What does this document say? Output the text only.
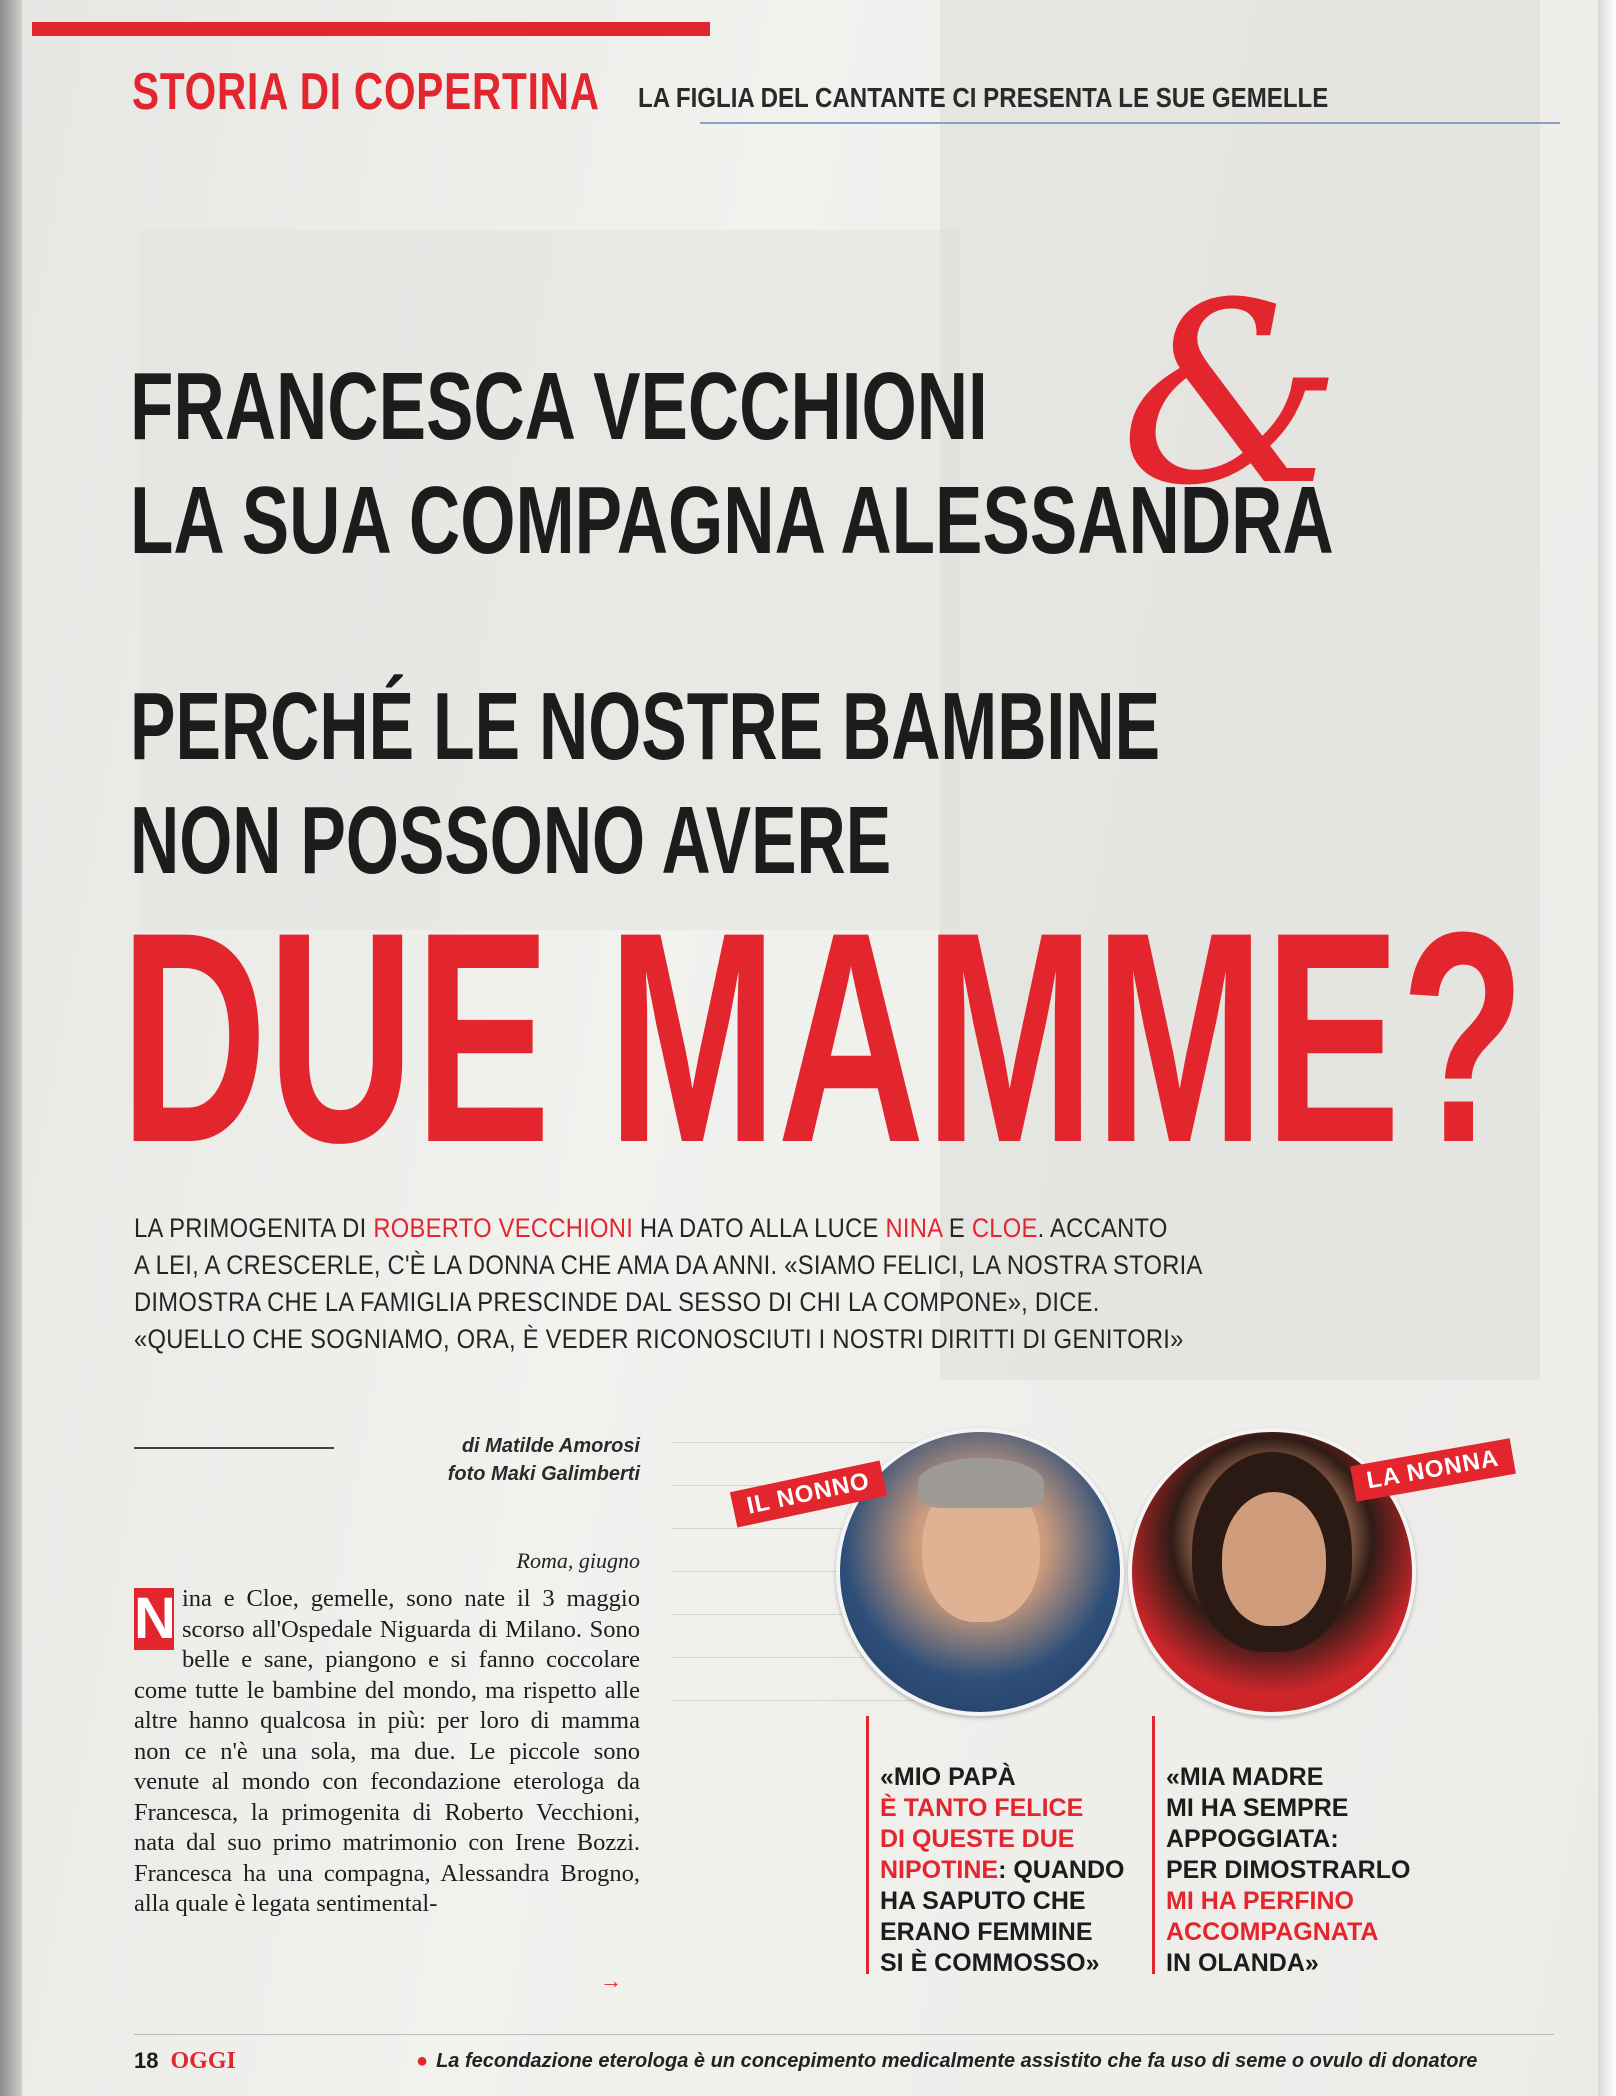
STORIA DI COPERTINA LA FIGLIA DEL CANTANTE CI PRESENTA LE SUE GEMELLE
FRANCESCA VECCHIONI &
LA SUA COMPAGNA ALESSANDRA
PERCHÉ LE NOSTRE BAMBINE
NON POSSONO AVERE
DUE MAMME?
LA PRIMOGENITA DI ROBERTO VECCHIONI HA DATO ALLA LUCE NINA E CLOE. ACCANTO
A LEI, A CRESCERLE, C'È LA DONNA CHE AMA DA ANNI. «SIAMO FELICI, LA NOSTRA STORIA
DIMOSTRA CHE LA FAMIGLIA PRESCINDE DAL SESSO DI CHI LA COMPONE», DICE.
«QUELLO CHE SOGNIAMO, ORA, È VEDER RICONOSCIUTI I NOSTRI DIRITTI DI GENITORI»
di Matilde Amorosi
foto Maki Galimberti
Roma, giugno
N ina e Cloe, gemelle, sono nate il 3 maggio scorso all'Ospedale Niguarda di Milano. Sono belle e sane, piangono e si fanno coccolare come tutte le bambine del mondo, ma rispetto alle altre hanno qualcosa in più: per loro di mamma non ce n'è una sola, ma due. Le piccole sono venute al mondo con fecondazione eterologa da Francesca, la primogenita di Roberto Vecchioni, nata dal suo primo matrimonio con Irene Bozzi. Francesca ha una compagna, Alessandra Brogno, alla quale è legata sentimental-
→
IL NONNO	LA NONNA
«MIO PAPÀ
È TANTO FELICE
DI QUESTE DUE
NIPOTINE: QUANDO
HA SAPUTO CHE
ERANO FEMMINE
SI È COMMOSSO»
«MIA MADRE
MI HA SEMPRE
APPOGGIATA:
PER DIMOSTRARLO
MI HA PERFINO
ACCOMPAGNATA
IN OLANDA»
18 OGGI	● La fecondazione eterologa è un concepimento medicalmente assistito che fa uso di seme o ovulo di donatore
